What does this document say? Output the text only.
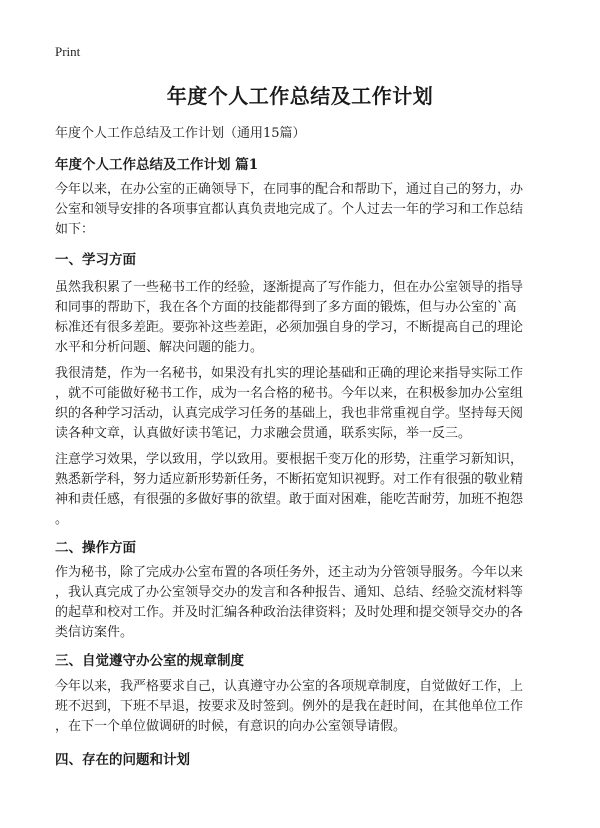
Print
年度个人工作总结及工作计划
年度个人工作总结及工作计划（通用15篇）
年度个人工作总结及工作计划 篇1
今年以来，在办公室的正确领导下，在同事的配合和帮助下，通过自己的努力，办
公室和领导安排的各项事宜都认真负责地完成了。个人过去一年的学习和工作总结
如下：
一、学习方面
虽然我积累了一些秘书工作的经验，逐渐提高了写作能力，但在办公室领导的指导
和同事的帮助下，我在各个方面的技能都得到了多方面的锻炼，但与办公室的`高
标准还有很多差距。要弥补这些差距，必须加强自身的学习，不断提高自己的理论
水平和分析问题、解决问题的能力。
我很清楚，作为一名秘书，如果没有扎实的理论基础和正确的理论来指导实际工作
，就不可能做好秘书工作，成为一名合格的秘书。今年以来，在积极参加办公室组
织的各种学习活动，认真完成学习任务的基础上，我也非常重视自学。坚持每天阅
读各种文章，认真做好读书笔记，力求融会贯通，联系实际，举一反三。
注意学习效果，学以致用，学以致用。要根据千变万化的形势，注重学习新知识，
熟悉新学科，努力适应新形势新任务，不断拓宽知识视野。对工作有很强的敬业精
神和责任感，有很强的多做好事的欲望。敢于面对困难，能吃苦耐劳，加班不抱怨
。
二、操作方面
作为秘书，除了完成办公室布置的各项任务外，还主动为分管领导服务。今年以来
，我认真完成了办公室领导交办的发言和各种报告、通知、总结、经验交流材料等
的起草和校对工作。并及时汇编各种政治法律资料；及时处理和提交领导交办的各
类信访案件。
三、自觉遵守办公室的规章制度
今年以来，我严格要求自己，认真遵守办公室的各项规章制度，自觉做好工作，上
班不迟到，下班不早退，按要求及时签到。例外的是我在赶时间，在其他单位工作
，在下一个单位做调研的时候，有意识的向办公室领导请假。
四、存在的问题和计划
